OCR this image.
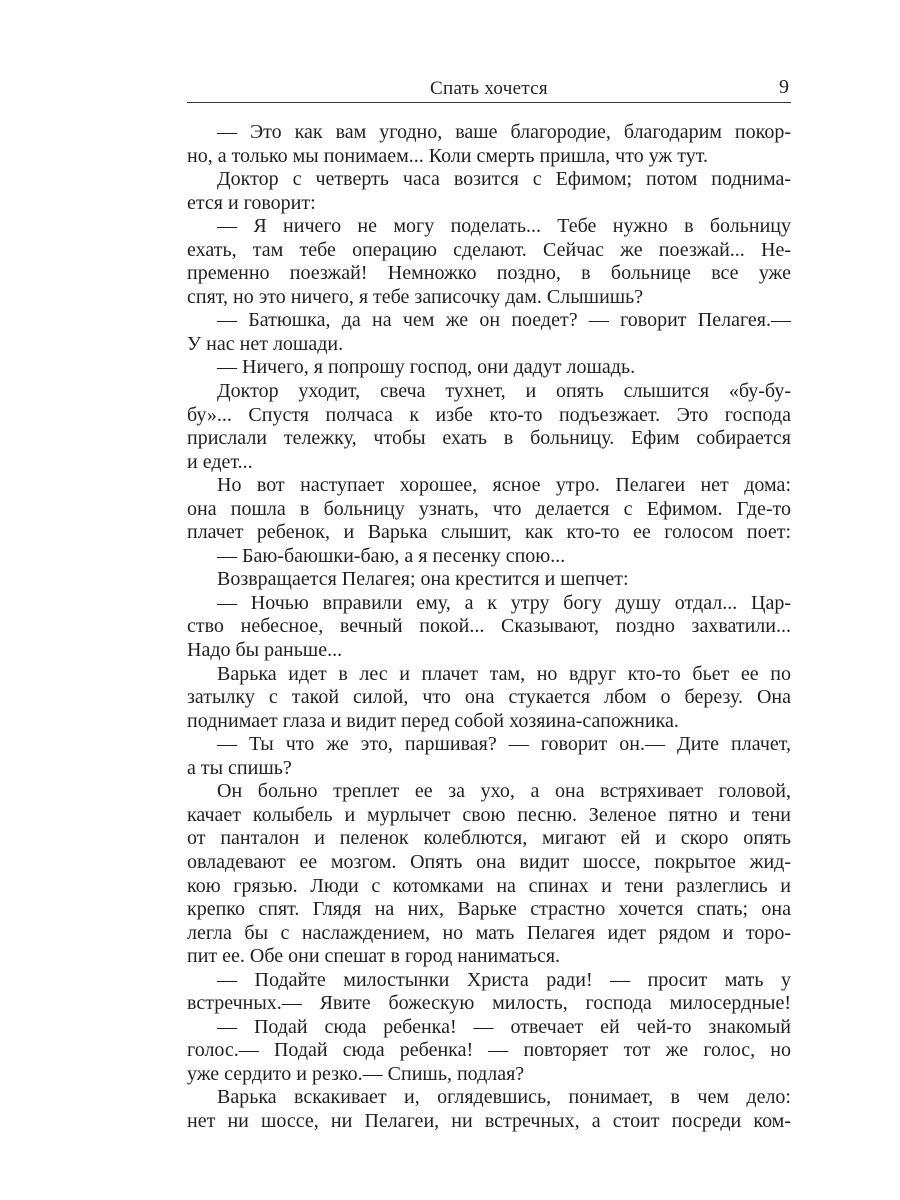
Спать хочется	9
— Это как вам угодно, ваше благородие, благодарим покор-
но, а только мы понимаем... Коли смерть пришла, что уж тут.
Доктор с четверть часа возится с Ефимом; потом поднима-
ется и говорит:
— Я ничего не могу поделать... Тебе нужно в больницу
ехать, там тебе операцию сделают. Сейчас же поезжай... Не-
пременно поезжай! Немножко поздно, в больнице все уже
спят, но это ничего, я тебе записочку дам. Слышишь?
— Батюшка, да на чем же он поедет? — говорит Пелагея.—
У нас нет лошади.
— Ничего, я попрошу господ, они дадут лошадь.
Доктор уходит, свеча тухнет, и опять слышится «бу-бу-
бу»... Спустя полчаса к избе кто-то подъезжает. Это господа
прислали тележку, чтобы ехать в больницу. Ефим собирается
и едет...
Но вот наступает хорошее, ясное утро. Пелагеи нет дома:
она пошла в больницу узнать, что делается с Ефимом. Где-то
плачет ребенок, и Варька слышит, как кто-то ее голосом поет:
— Баю-баюшки-баю, а я песенку спою...
Возвращается Пелагея; она крестится и шепчет:
— Ночью вправили ему, а к утру богу душу отдал... Цар-
ство небесное, вечный покой... Сказывают, поздно захватили...
Надо бы раньше...
Варька идет в лес и плачет там, но вдруг кто-то бьет ее по
затылку с такой силой, что она стукается лбом о березу. Она
поднимает глаза и видит перед собой хозяина-сапожника.
— Ты что же это, паршивая? — говорит он.— Дите плачет,
а ты спишь?
Он больно треплет ее за ухо, а она встряхивает головой,
качает колыбель и мурлычет свою песню. Зеленое пятно и тени
от панталон и пеленок колеблются, мигают ей и скоро опять
овладевают ее мозгом. Опять она видит шоссе, покрытое жид-
кою грязью. Люди с котомками на спинах и тени разлеглись и
крепко спят. Глядя на них, Варьке страстно хочется спать; она
легла бы с наслаждением, но мать Пелагея идет рядом и торо-
пит ее. Обе они спешат в город наниматься.
— Подайте милостынки Христа ради! — просит мать у
встречных.— Явите божескую милость, господа милосердные!
— Подай сюда ребенка! — отвечает ей чей-то знакомый
голос.— Подай сюда ребенка! — повторяет тот же голос, но
уже сердито и резко.— Спишь, подлая?
Варька вскакивает и, оглядевшись, понимает, в чем дело:
нет ни шоссе, ни Пелагеи, ни встречных, а стоит посреди ком-
